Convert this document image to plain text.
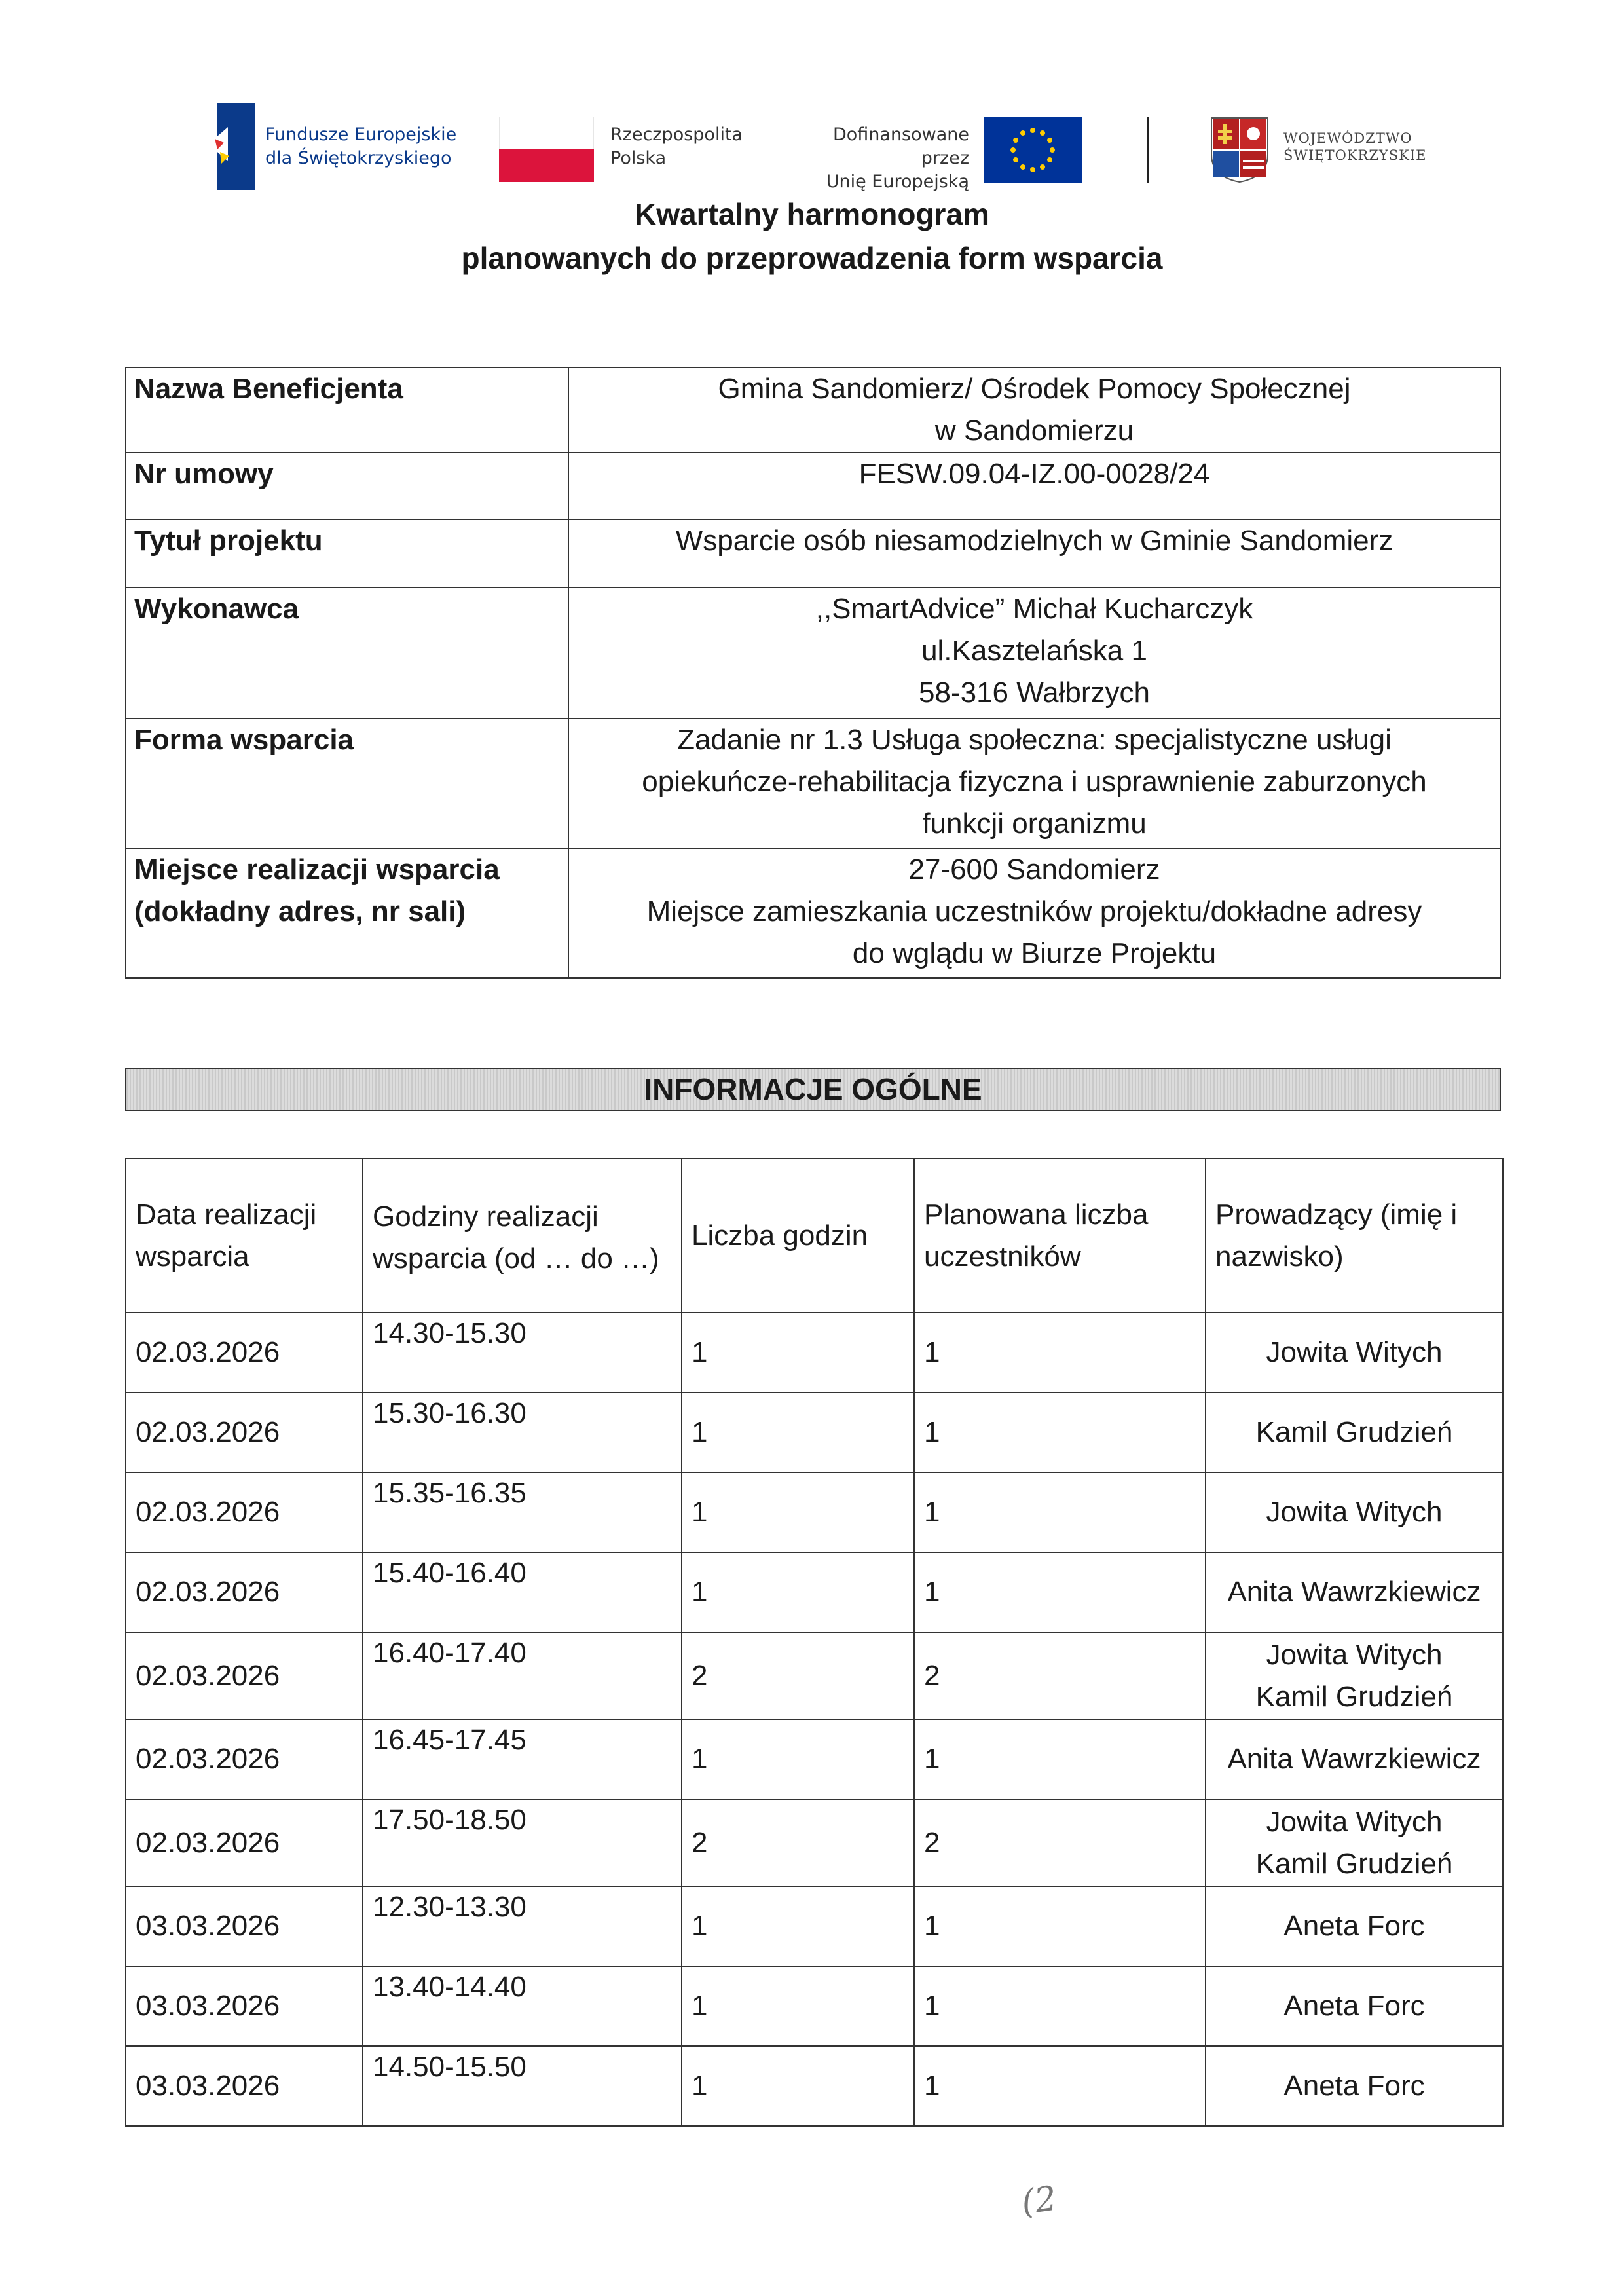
Fundusze Europejskie
dla Świętokrzyskiego
Rzeczpospolita
Polska
Dofinansowane przez
Unię Europejską
WOJEWÓDZTWO
ŚWIĘTOKRZYSKIE
Kwartalny harmonogram
planowanych do przeprowadzenia form wsparcia
Nazwa Beneficjenta	Gmina Sandomierz/ Ośrodek Pomocy Społecznej
w Sandomierzu

Nr umowy	FESW.09.04-IZ.00-0028/24

Tytuł projektu	Wsparcie osób niesamodzielnych w Gminie Sandomierz

Wykonawca	,,SmartAdvice” Michał Kucharczyk
ul.Kasztelańska 1
58-316 Wałbrzych

Forma wsparcia	Zadanie nr 1.3 Usługa społeczna: specjalistyczne usługi
opiekuńcze-rehabilitacja fizyczna i usprawnienie zaburzonych
funkcji organizmu

Miejsce realizacji wsparcia (dokładny adres, nr sali)	27-600 Sandomierz
Miejsce zamieszkania uczestników projektu/dokładne adresy
do wglądu w Biurze Projektu
INFORMACJE OGÓLNE
Data realizacji wsparcia	Godziny realizacji wsparcia (od … do …)	Liczba godzin	Planowana liczba uczestników	Prowadzący (imię i nazwisko)
02.03.2026	14.30-15.30	1	1	Jowita Witych

02.03.2026	15.30-16.30	1	1	Kamil Grudzień

02.03.2026	15.35-16.35	1	1	Jowita Witych

02.03.2026	15.40-16.40	1	1	Anita Wawrzkiewicz

02.03.2026	16.40-17.40	2	2	Jowita Witych
Kamil Grudzień

02.03.2026	16.45-17.45	1	1	Anita Wawrzkiewicz

02.03.2026	17.50-18.50	2	2	Jowita Witych
Kamil Grudzień

03.03.2026	12.30-13.30	1	1	Aneta Forc

03.03.2026	13.40-14.40	1	1	Aneta Forc

03.03.2026	14.50-15.50	1	1	Aneta Forc
(2
